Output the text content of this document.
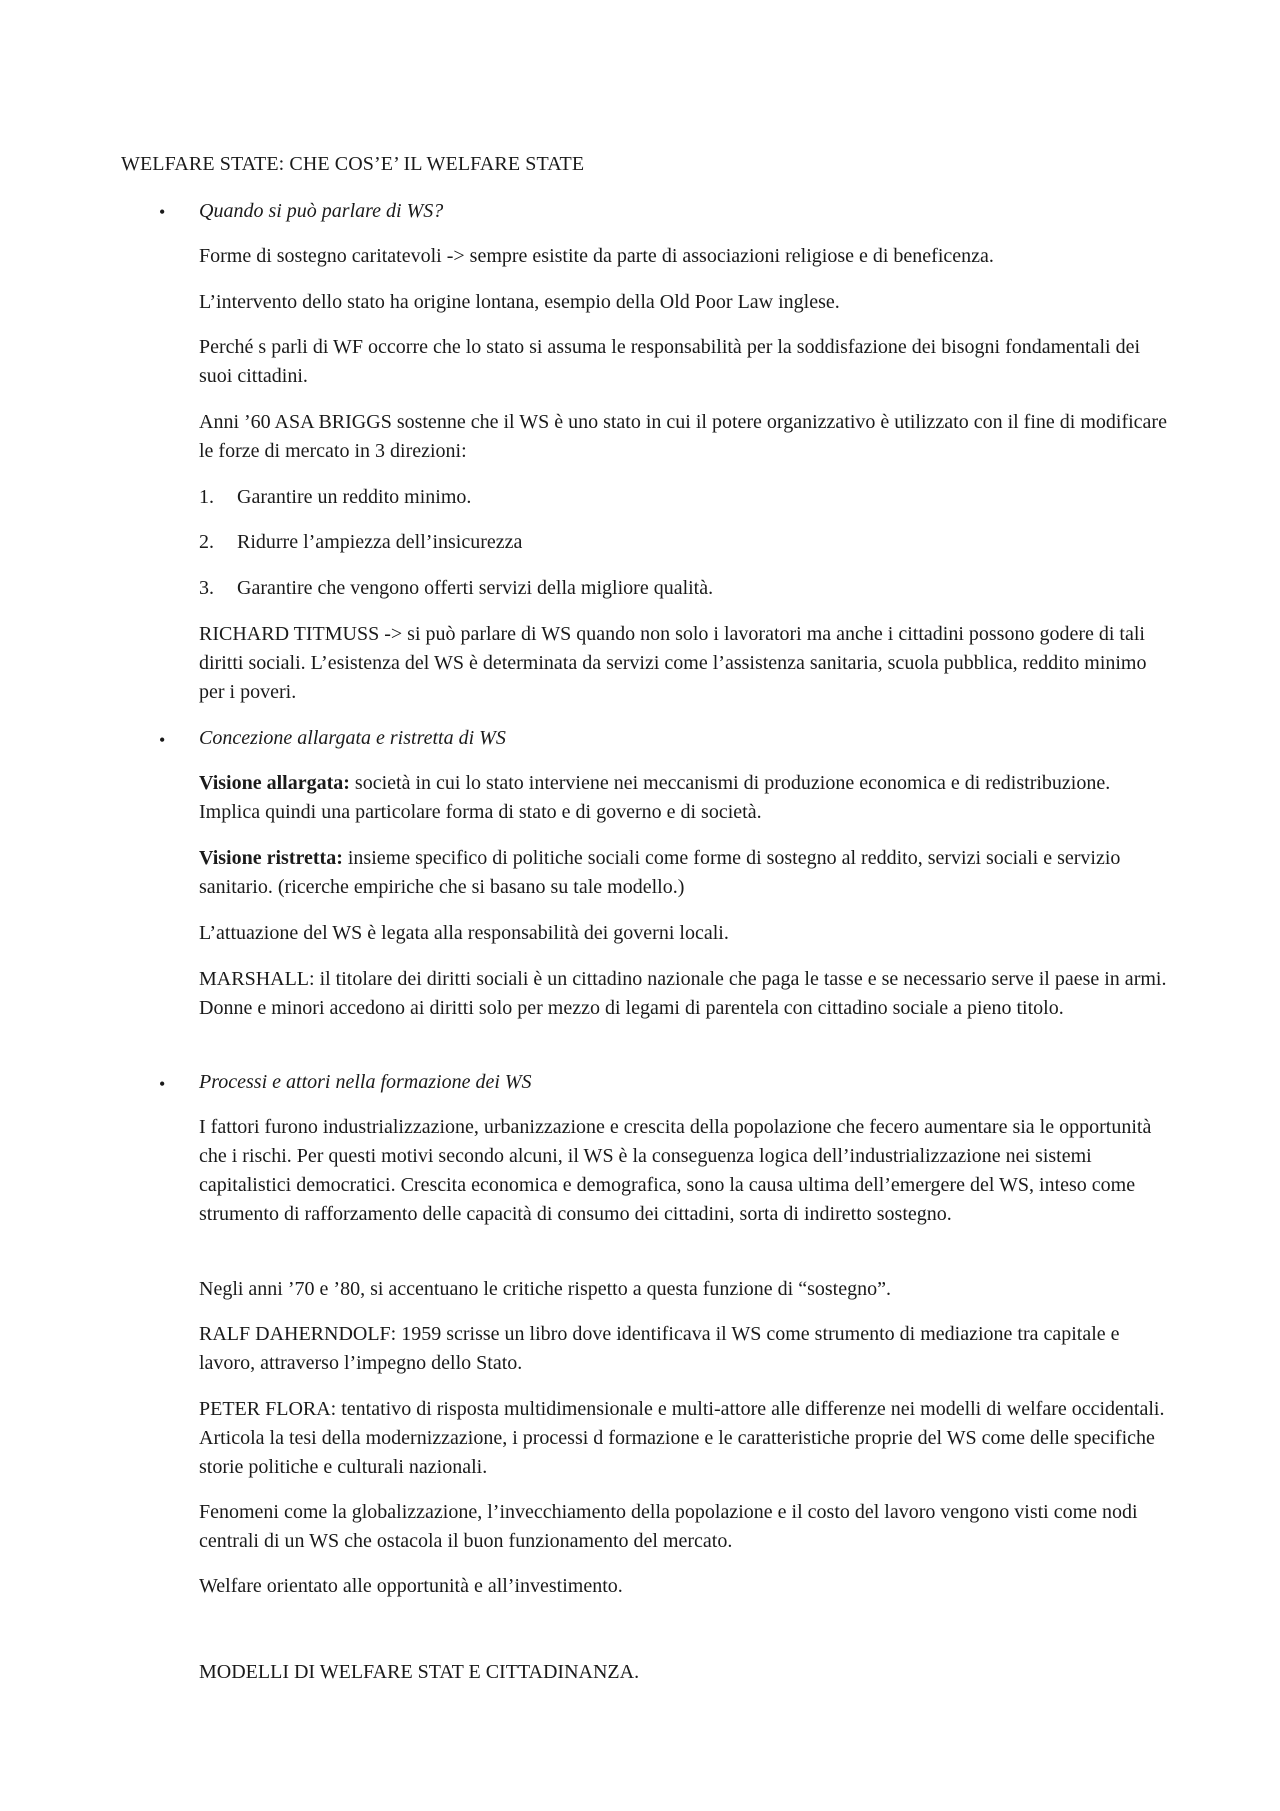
WELFARE STATE: CHE COS’E’ IL WELFARE STATE
• Quando si può parlare di WS?

Forme di sostegno caritatevoli -> sempre esistite da parte di associazioni religiose e di beneficenza.

L’intervento dello stato ha origine lontana, esempio della Old Poor Law inglese.

Perché s parli di WF occorre che lo stato si assuma le responsabilità per la soddisfazione dei bisogni fondamentali dei suoi cittadini.

Anni ’60 ASA BRIGGS sostenne che il WS è uno stato in cui il potere organizzativo è utilizzato con il fine di modificare le forze di mercato in 3 direzioni:

1. Garantire un reddito minimo.

2. Ridurre l’ampiezza dell’insicurezza

3. Garantire che vengono offerti servizi della migliore qualità.

RICHARD TITMUSS -> si può parlare di WS quando non solo i lavoratori ma anche i cittadini possono godere di tali diritti sociali. L’esistenza del WS è determinata da servizi come l’assistenza sanitaria, scuola pubblica, reddito minimo per i poveri.

• Concezione allargata e ristretta di WS

Visione allargata: società in cui lo stato interviene nei meccanismi di produzione economica e di redistribuzione. Implica quindi una particolare forma di stato e di governo e di società.

Visione ristretta: insieme specifico di politiche sociali come forme di sostegno al reddito, servizi sociali e servizio sanitario. (ricerche empiriche che si basano su tale modello.)

L’attuazione del WS è legata alla responsabilità dei governi locali.

MARSHALL: il titolare dei diritti sociali è un cittadino nazionale che paga le tasse e se necessario serve il paese in armi. Donne e minori accedono ai diritti solo per mezzo di legami di parentela con cittadino sociale a pieno titolo.

• Processi e attori nella formazione dei WS

I fattori furono industrializzazione, urbanizzazione e crescita della popolazione che fecero aumentare sia le opportunità che i rischi. Per questi motivi secondo alcuni, il WS è la conseguenza logica dell’industrializzazione nei sistemi capitalistici democratici. Crescita economica e demografica, sono la causa ultima dell’emergere del WS, inteso come strumento di rafforzamento delle capacità di consumo dei cittadini, sorta di indiretto sostegno.

Negli anni ’70 e ’80, si accentuano le critiche rispetto a questa funzione di “sostegno”.

RALF DAHERNDOLF: 1959 scrisse un libro dove identificava il WS come strumento di mediazione tra capitale e lavoro, attraverso l’impegno dello Stato.

PETER FLORA: tentativo di risposta multidimensionale e multi-attore alle differenze nei modelli di welfare occidentali. Articola la tesi della modernizzazione, i processi d formazione e le caratteristiche proprie del WS come delle specifiche storie politiche e culturali nazionali.

Fenomeni come la globalizzazione, l’invecchiamento della popolazione e il costo del lavoro vengono visti come nodi centrali di un WS che ostacola il buon funzionamento del mercato.

Welfare orientato alle opportunità e all’investimento.

MODELLI DI WELFARE STAT E CITTADINANZA.
